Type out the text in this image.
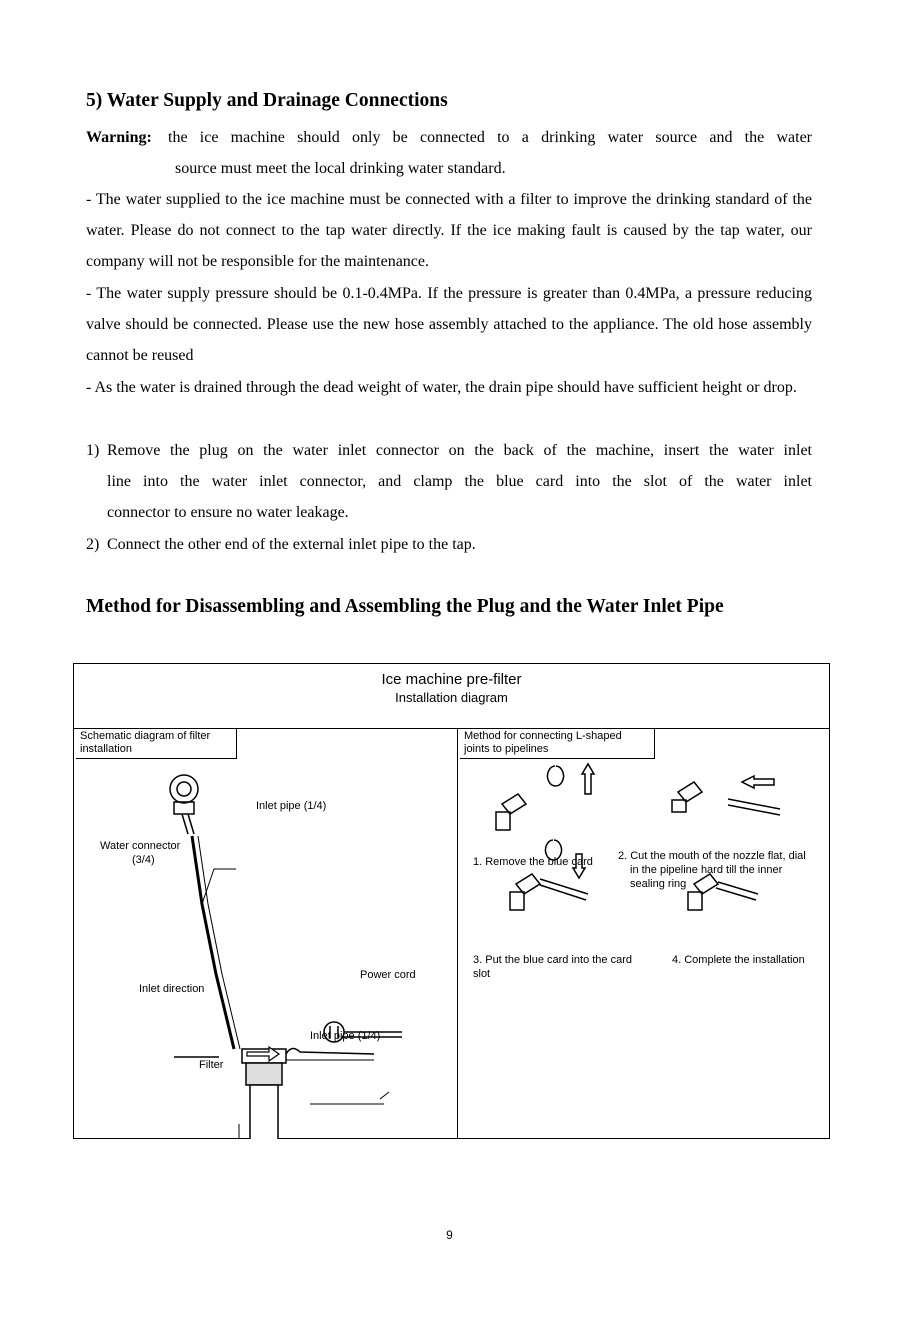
5) Water Supply and Drainage Connections
Warning: the ice machine should only be connected to a drinking water source and the water
source must meet the local drinking water standard.

- The water supplied to the ice machine must be connected with a filter to improve the drinking standard of the water. Please do not connect to the tap water directly. If the ice making fault is caused by the tap water, our company will not be responsible for the maintenance.

- The water supply pressure should be 0.1-0.4MPa. If the pressure is greater than 0.4MPa, a pressure reducing valve should be connected. Please use the new hose assembly attached to the appliance. The old hose assembly cannot be reused

- As the water is drained through the dead weight of water, the drain pipe should have sufficient height or drop.

1) Remove the plug on the water inlet connector on the back of the machine, insert the water inlet
line into the water inlet connector, and clamp the blue card into the slot of the water inlet
connector to ensure no water leakage.
2) Connect the other end of the external inlet pipe to the tap.
Method for Disassembling and Assembling the Plug and the Water Inlet Pipe
Ice machine pre-filter
Installation diagram
Schematic diagram of filter
installation
Method for connecting L-shaped
joints to pipelines
Inlet pipe (1/4)
Water connector
(3/4)
Power cord
Inlet direction
Inlet pipe (1/4)
Filter
1. Remove the blue card 2. Cut the mouth of the nozzle flat, dial
in the pipeline hard till the inner
sealing ring
3. Put the blue card into the card
slot
4. Complete the installation
9
